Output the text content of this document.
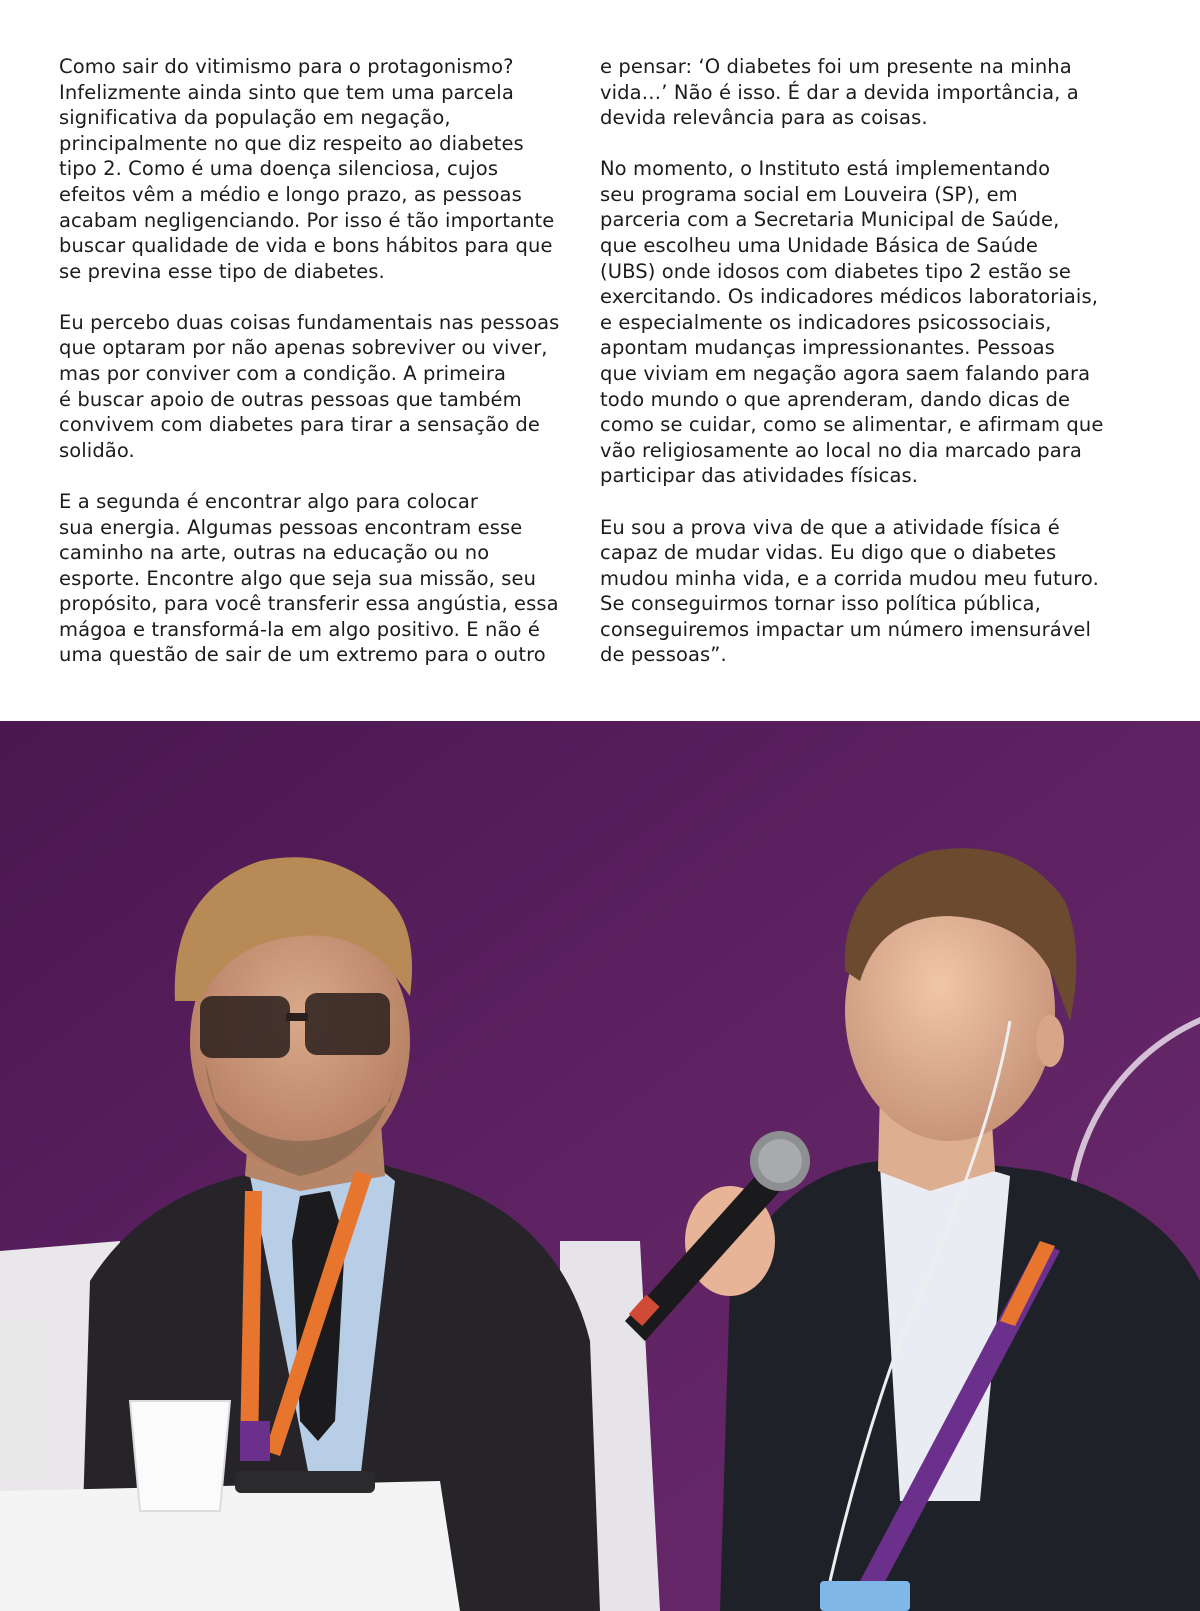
Como sair do vitimismo para o protagonismo?
Infelizmente ainda sinto que tem uma parcela
significativa da população em negação,
principalmente no que diz respeito ao diabetes
tipo 2. Como é uma doença silenciosa, cujos
efeitos vêm a médio e longo prazo, as pessoas
acabam negligenciando. Por isso é tão importante
buscar qualidade de vida e bons hábitos para que
se previna esse tipo de diabetes.

Eu percebo duas coisas fundamentais nas pessoas
que optaram por não apenas sobreviver ou viver,
mas por conviver com a condição. A primeira
é buscar apoio de outras pessoas que também
convivem com diabetes para tirar a sensação de
solidão.

E a segunda é encontrar algo para colocar
sua energia. Algumas pessoas encontram esse
caminho na arte, outras na educação ou no
esporte. Encontre algo que seja sua missão, seu
propósito, para você transferir essa angústia, essa
mágoa e transformá-la em algo positivo. E não é
uma questão de sair de um extremo para o outro

e pensar: ‘O diabetes foi um presente na minha
vida…’ Não é isso. É dar a devida importância, a
devida relevância para as coisas.

No momento, o Instituto está implementando
seu programa social em Louveira (SP), em
parceria com a Secretaria Municipal de Saúde,
que escolheu uma Unidade Básica de Saúde
(UBS) onde idosos com diabetes tipo 2 estão se
exercitando. Os indicadores médicos laboratoriais,
e especialmente os indicadores psicossociais,
apontam mudanças impressionantes. Pessoas
que viviam em negação agora saem falando para
todo mundo o que aprenderam, dando dicas de
como se cuidar, como se alimentar, e afirmam que
vão religiosamente ao local no dia marcado para
participar das atividades físicas.

Eu sou a prova viva de que a atividade física é
capaz de mudar vidas. Eu digo que o diabetes
mudou minha vida, e a corrida mudou meu futuro.
Se conseguirmos tornar isso política pública,
conseguiremos impactar um número imensurável
de pessoas”.
